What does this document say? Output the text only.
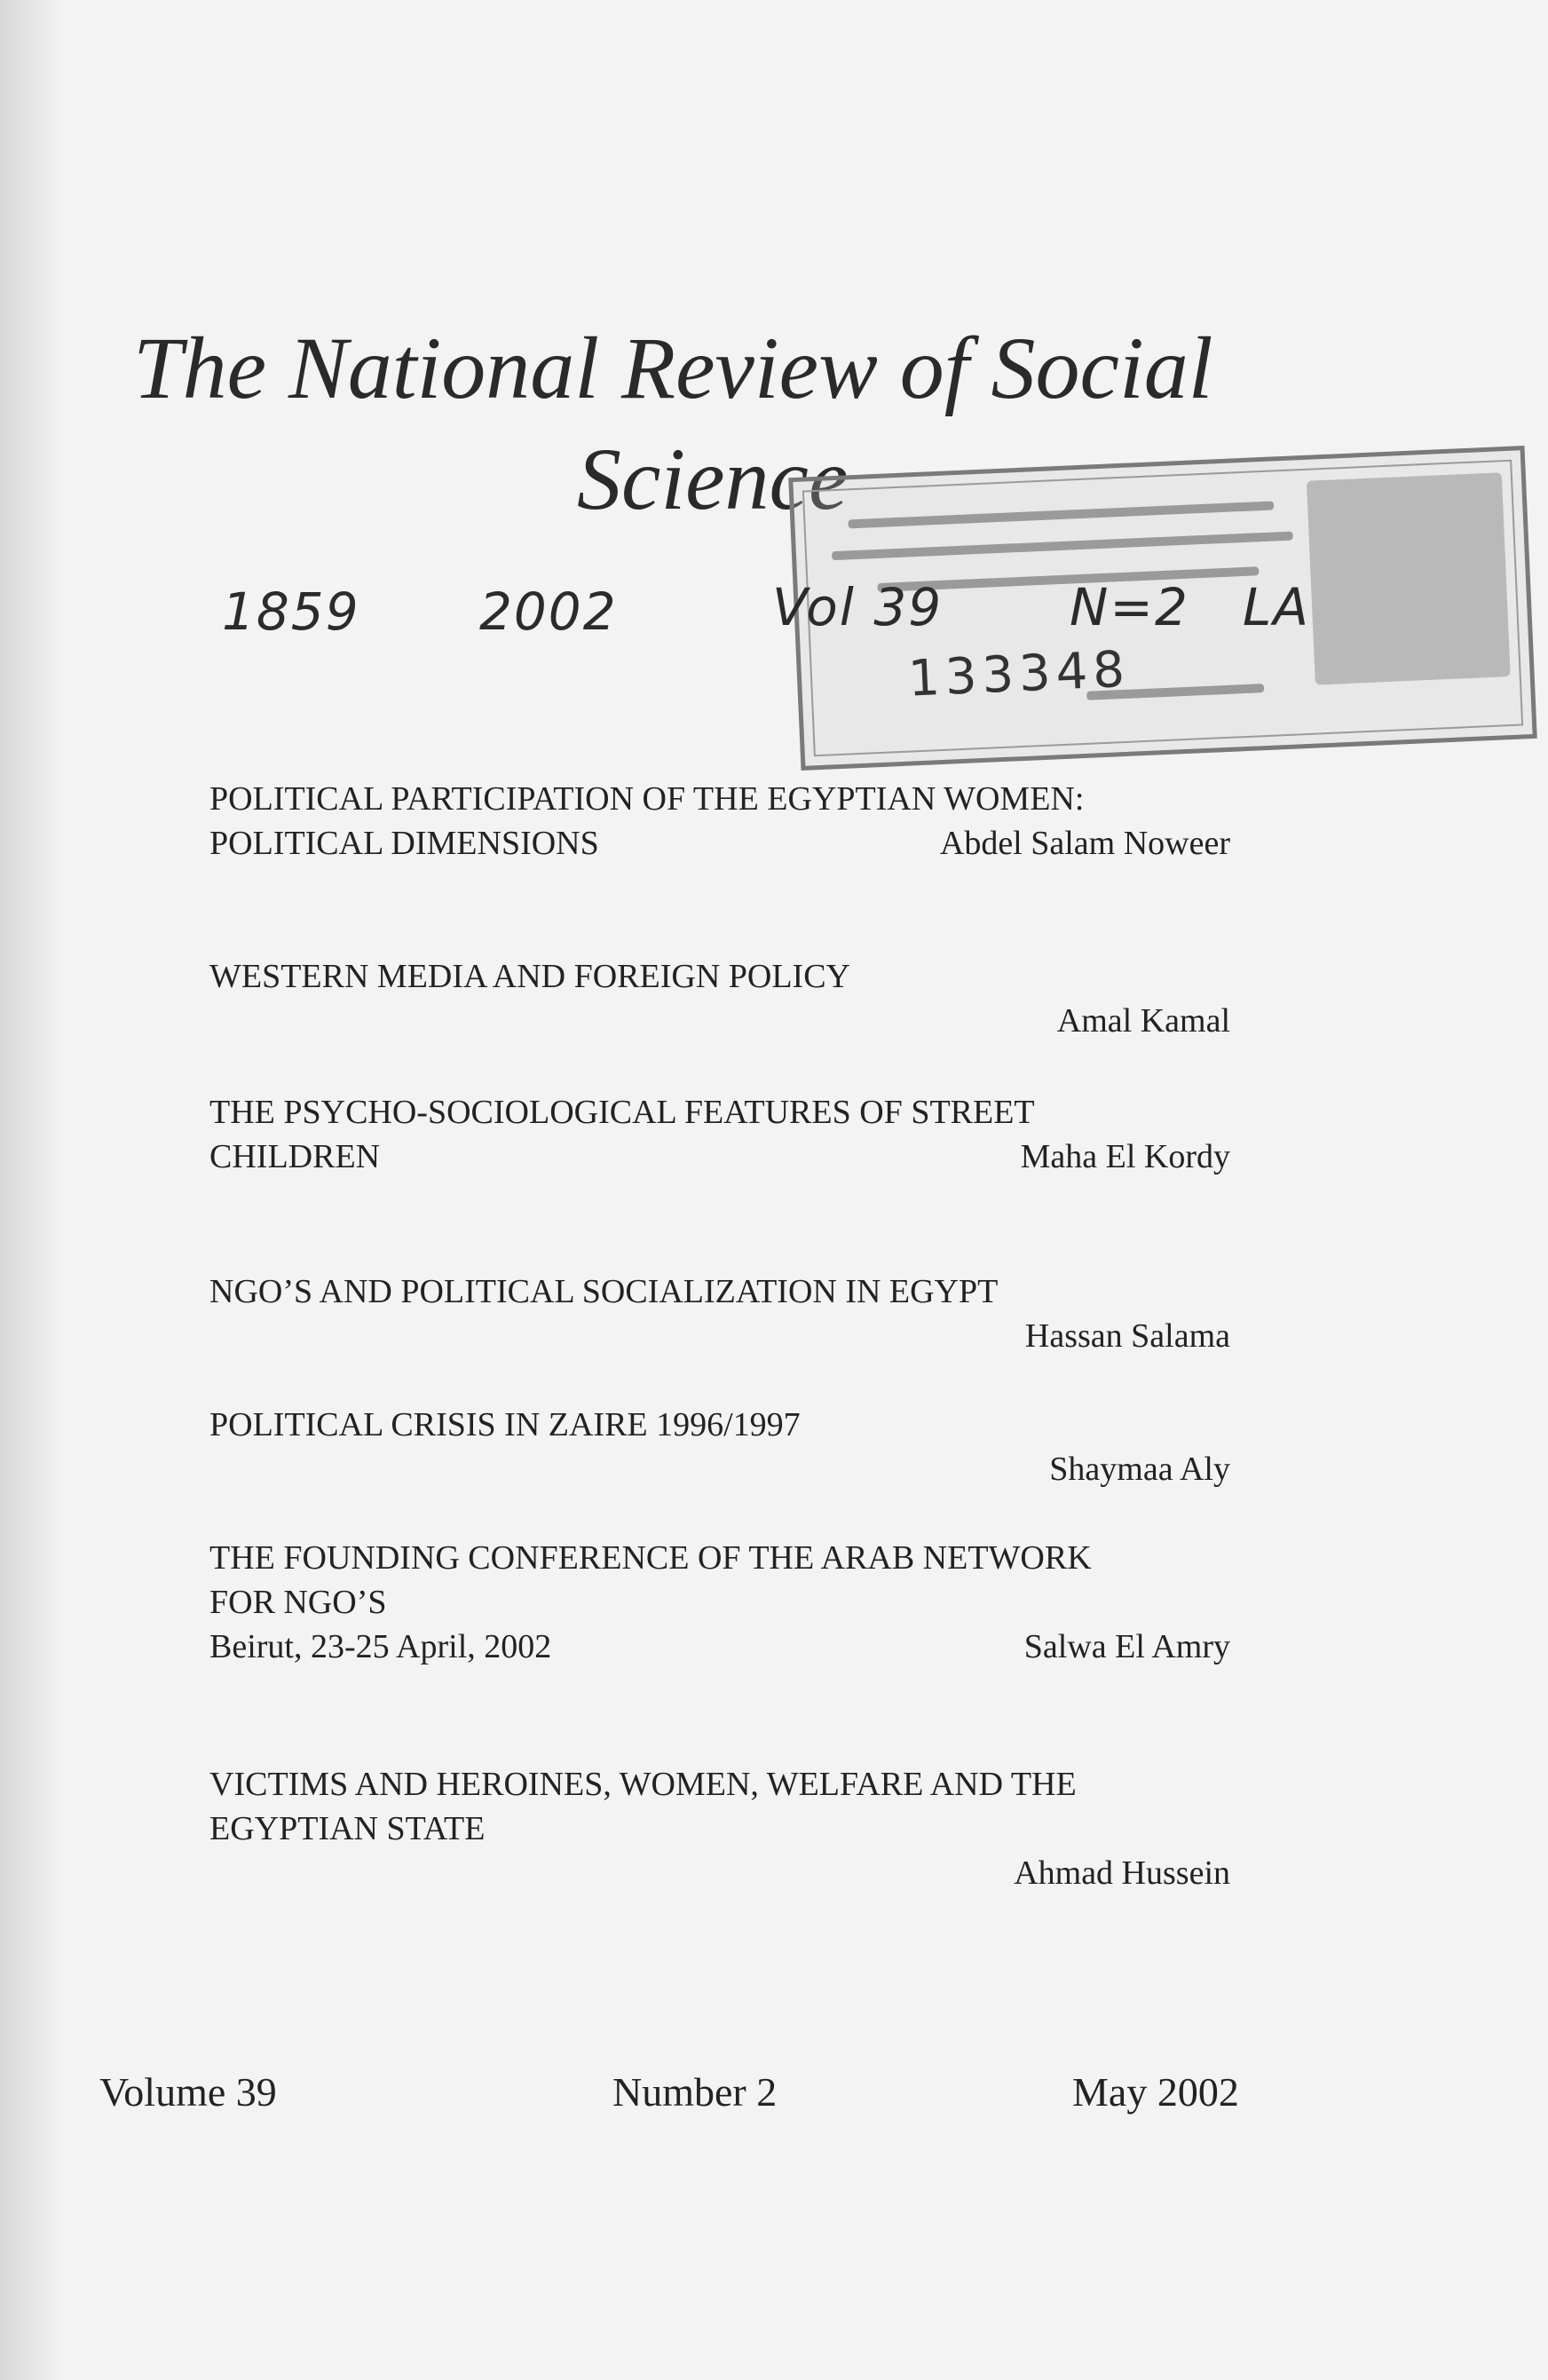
The National Review of Social
Science
133348
1859 2002	Vol 39 N=2 LA
POLITICAL PARTICIPATION OF THE EGYPTIAN WOMEN:
POLITICAL DIMENSIONS	Abdel Salam Noweer
WESTERN MEDIA AND FOREIGN POLICY
Amal Kamal
THE PSYCHO-SOCIOLOGICAL FEATURES OF STREET
CHILDREN	Maha El Kordy
NGO’S AND POLITICAL SOCIALIZATION IN EGYPT
Hassan Salama
POLITICAL CRISIS IN ZAIRE 1996/1997
Shaymaa Aly
THE FOUNDING CONFERENCE OF THE ARAB NETWORK
FOR NGO’S
Beirut, 23-25 April, 2002	Salwa El Amry
VICTIMS AND HEROINES, WOMEN, WELFARE AND THE
EGYPTIAN STATE
Ahmad Hussein
Volume 39	Number 2	May 2002
